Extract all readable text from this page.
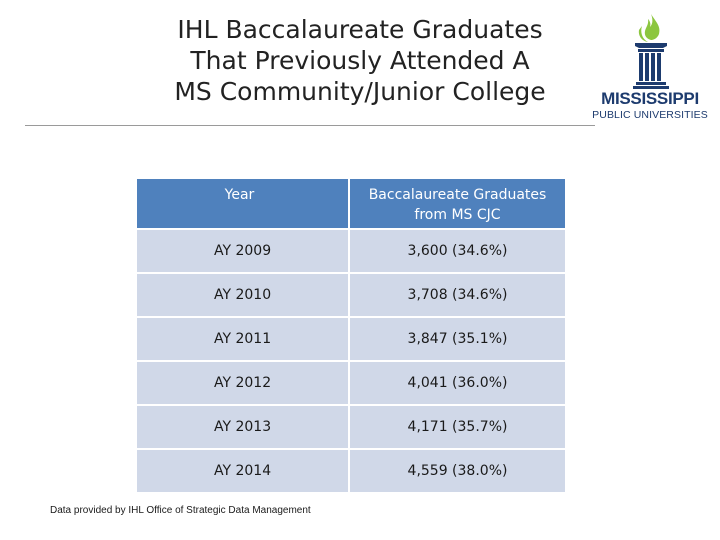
IHL Baccalaureate Graduates
That Previously Attended A
MS Community/Junior College	MISSISSIPPI
PUBLIC UNIVERSITIES
Year	Baccalaureate Graduates
from MS CJC
AY 2009	3,600 (34.6%)
AY 2010	3,708 (34.6%)
AY 2011	3,847 (35.1%)
AY 2012	4,041 (36.0%)
AY 2013	4,171 (35.7%)
AY 2014	4,559 (38.0%)
Data provided by IHL Office of Strategic Data Management
